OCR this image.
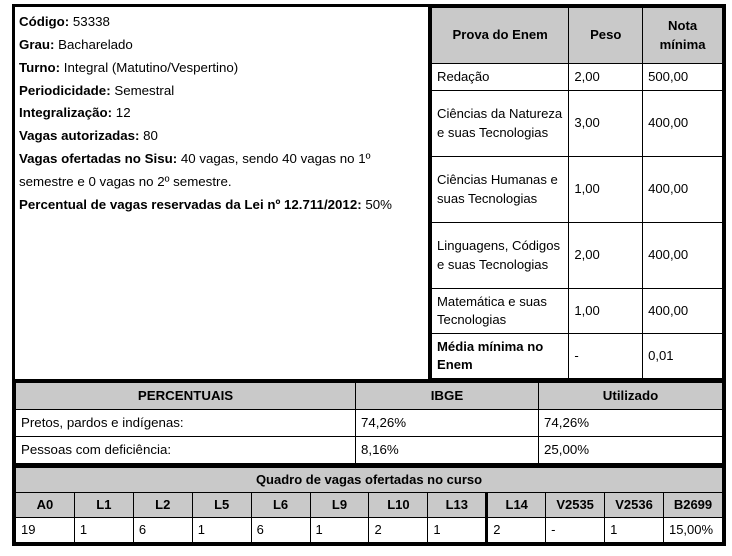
Código: 53338
Grau: Bacharelado
Turno: Integral (Matutino/Vespertino)
Periodicidade: Semestral
Integralização: 12
Vagas autorizadas: 80
Vagas ofertadas no Sisu: 40 vagas, sendo 40 vagas no 1º semestre e 0 vagas no 2º semestre.
Percentual de vagas reservadas da Lei nº 12.711/2012: 50%
Prova do Enem	Peso	Nota mínima
Redação	2,00	500,00
Ciências da Natureza e suas Tecnologias	3,00	400,00
Ciências Humanas e suas Tecnologias	1,00	400,00
Linguagens, Códigos e suas Tecnologias	2,00	400,00
Matemática e suas Tecnologias	1,00	400,00
Média mínima no Enem	-	0,01
PERCENTUAIS	IBGE	Utilizado
Pretos, pardos e indígenas:	74,26%	74,26%
Pessoas com deficiência:	8,16%	25,00%
Quadro de vagas ofertadas no curso											
A0	L1	L2	L5	L6	L9	L10	L13	L14	V2535	V2536	B2699
19	1	6	1	6	1	2	1	2	-	1	15,00%
